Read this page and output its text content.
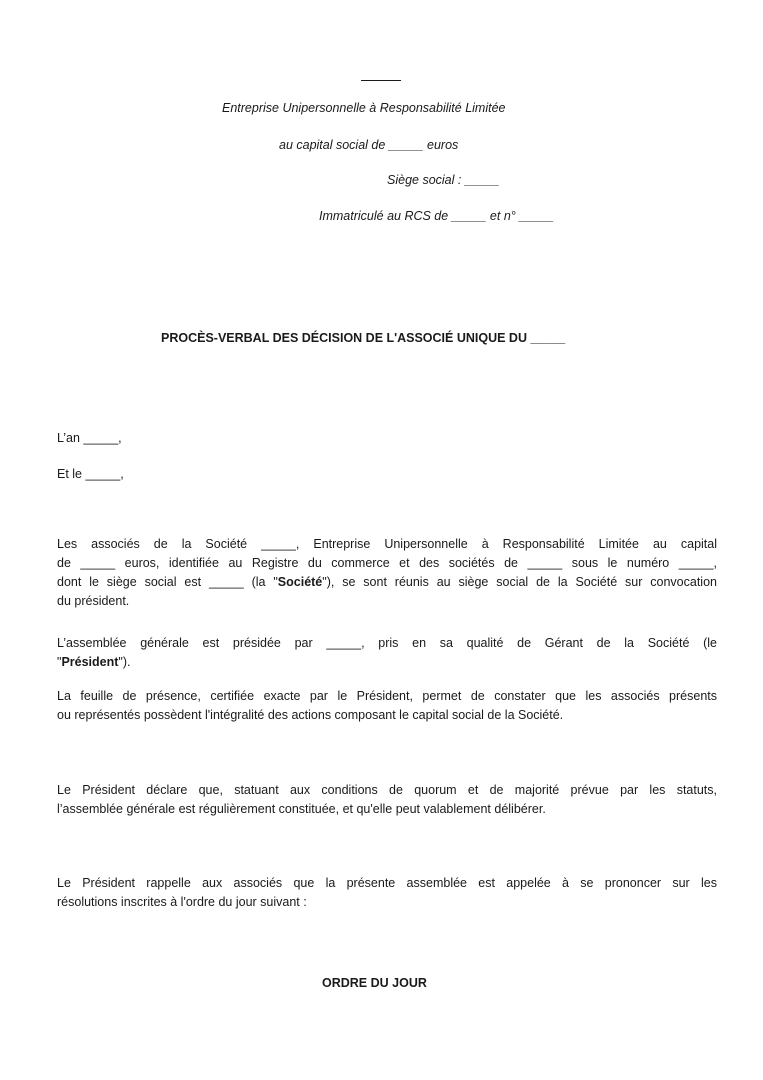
Entreprise Unipersonnelle à Responsabilité Limitée
au capital social de _____ euros
Siège social : _____
Immatriculé au RCS de _____ et n° _____
PROCÈS-VERBAL DES DÉCISION DE L'ASSOCIÉ UNIQUE DU _____
L’an _____,
Et le _____,
Les associés de la Société _____, Entreprise Unipersonnelle à Responsabilité Limitée au capital
de _____ euros, identifiée au Registre du commerce et des sociétés de _____ sous le numéro _____,
dont le siège social est _____ (la "Société"), se sont réunis au siège social de la Société sur convocation
du président.
L’assemblée générale est présidée par _____, pris en sa qualité de Gérant de la Société (le
"Président").
La feuille de présence, certifiée exacte par le Président, permet de constater que les associés présents
ou représentés possèdent l'intégralité des actions composant le capital social de la Société.
Le Président déclare que, statuant aux conditions de quorum et de majorité prévue par les statuts,
l’assemblée générale est régulièrement constituée, et qu'elle peut valablement délibérer.
Le Président rappelle aux associés que la présente assemblée est appelée à se prononcer sur les
résolutions inscrites à l'ordre du jour suivant :
ORDRE DU JOUR
